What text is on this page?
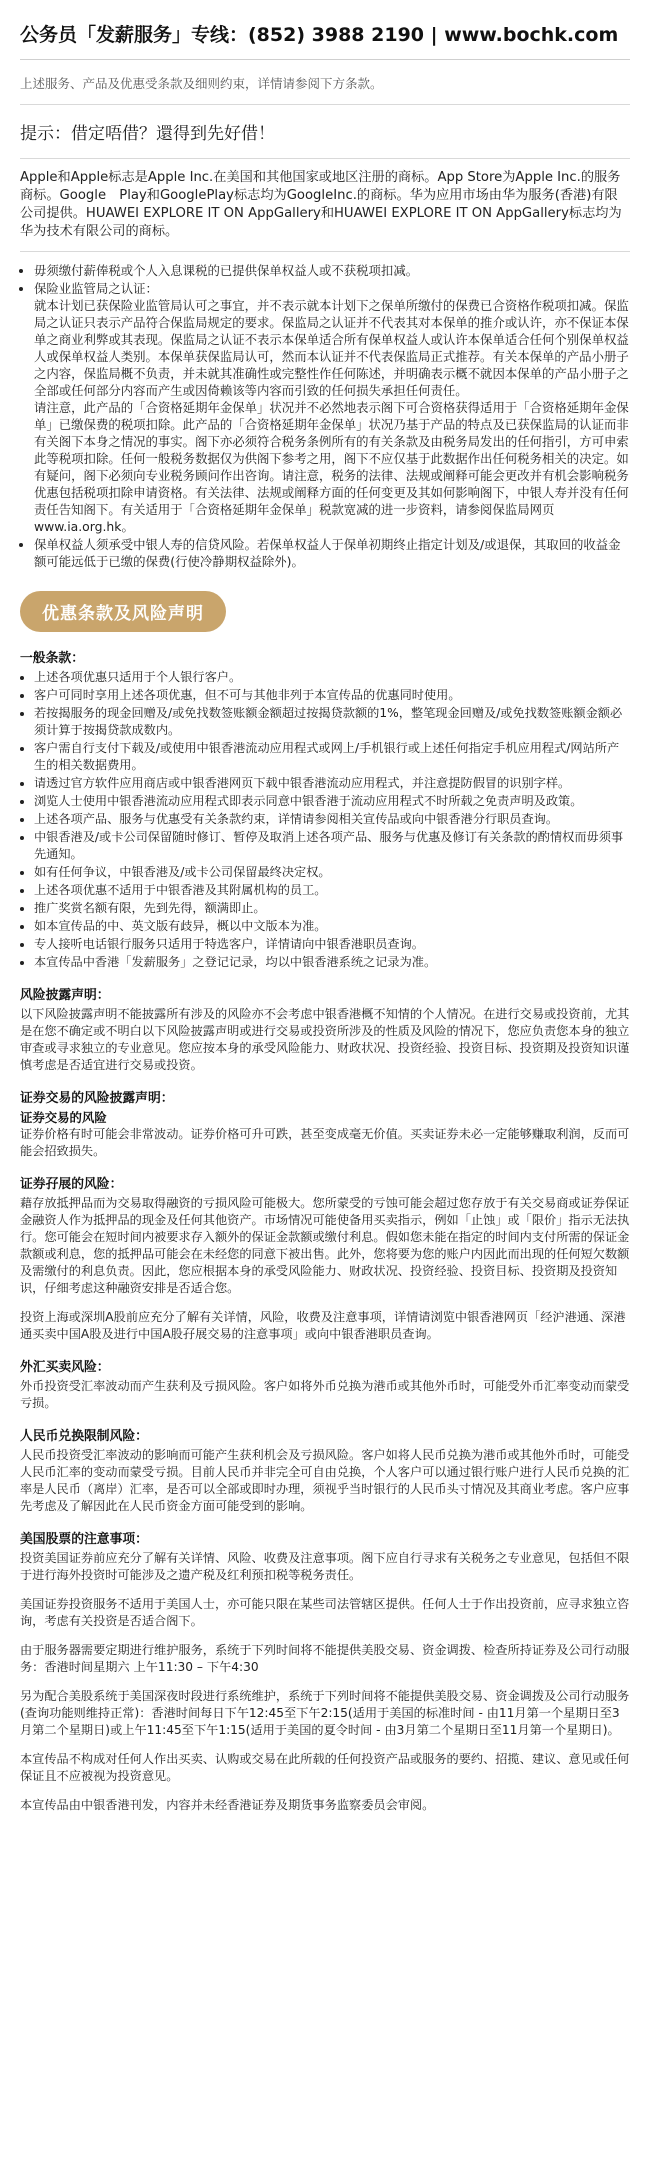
公务员「发薪服务」专线：(852) 3988 2190 | www.bochk.com
上述服务、产品及优惠受条款及细则约束，详情请参阅下方条款。
提示：借定唔借？還得到先好借！
Apple和Apple标志是Apple Inc.在美国和其他国家或地区注册的商标。App Store为Apple Inc.的服务商标。Google　Play和GooglePlay标志均为GoogleInc.的商标。华为应用市场由华为服务(香港)有限公司提供。HUAWEI EXPLORE IT ON AppGallery和HUAWEI EXPLORE IT ON AppGallery标志均为华为技术有限公司的商标。
• 毋须缴付薪俸税或个人入息课税的已提供保单权益人或不获税项扣减。
• 保险业监管局之认证：
就本计划已获保险业监管局认可之事宜，并不表示就本计划下之保单所缴付的保费已合资格作税项扣减。保监局之认证只表示产品符合保监局规定的要求。保监局之认证并不代表其对本保单的推介或认许，亦不保证本保单之商业利弊或其表现。保监局之认证不表示本保单适合所有保单权益人或认许本保单适合任何个别保单权益人或保单权益人类别。本保单获保监局认可，然而本认证并不代表保监局正式推荐。有关本保单的产品小册子之内容，保监局概不负责，并未就其准确性或完整性作任何陈述，并明确表示概不就因本保单的产品小册子之全部或任何部分内容而产生或因倚赖该等内容而引致的任何损失承担任何责任。
请注意，此产品的「合资格延期年金保单」状况并不必然地表示阁下可合资格获得适用于「合资格延期年金保单」已缴保费的税项扣除。此产品的「合资格延期年金保单」状况乃基于产品的特点及已获保监局的认证而非有关阁下本身之情况的事实。阁下亦必须符合税务条例所有的有关条款及由税务局发出的任何指引，方可申索此等税项扣除。任何一般税务数据仅为供阁下参考之用，阁下不应仅基于此数据作出任何税务相关的决定。如有疑问，阁下必须向专业税务顾问作出咨询。请注意，税务的法律、法规或阐释可能会更改并有机会影响税务优惠包括税项扣除申请资格。有关法律、法规或阐释方面的任何变更及其如何影响阁下，中银人寿并没有任何责任告知阁下。有关适用于「合资格延期年金保单」税款宽减的进一步资料，请参阅保监局网页www.ia.org.hk。
• 保单权益人须承受中银人寿的信贷风险。若保单权益人于保单初期终止指定计划及/或退保，其取回的收益金额可能远低于已缴的保费(行使冷静期权益除外)。
优惠条款及风险声明
一般条款：
• 上述各项优惠只适用于个人银行客户。
• 客户可同时享用上述各项优惠，但不可与其他非列于本宣传品的优惠同时使用。
• 若按揭服务的现金回赠及/或免找数签账额金额超过按揭贷款额的1%，整笔现金回赠及/或免找数签账额金额必须计算于按揭贷款成数内。
• 客户需自行支付下载及/或使用中银香港流动应用程式或网上/手机银行或上述任何指定手机应用程式/网站所产生的相关数据费用。
• 请透过官方软件应用商店或中银香港网页下载中银香港流动应用程式，并注意提防假冒的识别字样。
• 浏览人士使用中银香港流动应用程式即表示同意中银香港于流动应用程式不时所载之免责声明及政策。
• 上述各项产品、服务与优惠受有关条款约束，详情请参阅相关宣传品或向中银香港分行职员查询。
• 中银香港及/或卡公司保留随时修订、暂停及取消上述各项产品、服务与优惠及修订有关条款的酌情权而毋须事先通知。
• 如有任何争议，中银香港及/或卡公司保留最终决定权。
• 上述各项优惠不适用于中银香港及其附属机构的员工。
• 推广奖赏名额有限，先到先得，额满即止。
• 如本宣传品的中、英文版有歧异，概以中文版本为准。
• 专人接听电话银行服务只适用于特选客户，详情请向中银香港职员查询。
• 本宣传品中香港「发薪服务」之登记记录，均以中银香港系统之记录为准。
风险披露声明：

以下风险披露声明不能披露所有涉及的风险亦不会考虑中银香港概不知情的个人情况。在进行交易或投资前，尤其是在您不确定或不明白以下风险披露声明或进行交易或投资所涉及的性质及风险的情况下，您应负责您本身的独立审查或寻求独立的专业意见。您应按本身的承受风险能力、财政状况、投资经验、投资目标、投资期及投资知识谨慎考虑是否适宜进行交易或投资。

证券交易的风险披露声明：
证券交易的风险

证券价格有时可能会非常波动。证券价格可升可跌，甚至变成毫无价值。买卖证券未必一定能够赚取利润，反而可能会招致损失。

证券孖展的风险：

藉存放抵押品而为交易取得融资的亏损风险可能极大。您所蒙受的亏蚀可能会超过您存放于有关交易商或证券保证金融资人作为抵押品的现金及任何其他资产。市场情况可能使备用买卖指示，例如「止蚀」或「限价」指示无法执行。您可能会在短时间内被要求存入额外的保证金款额或缴付利息。假如您未能在指定的时间内支付所需的保证金款额或利息，您的抵押品可能会在未经您的同意下被出售。此外，您将要为您的账户内因此而出现的任何短欠数额及需缴付的利息负责。因此，您应根据本身的承受风险能力、财政状况、投资经验、投资目标、投资期及投资知识，仔细考虑这种融资安排是否适合您。

投资上海或深圳A股前应充分了解有关详情，风险，收费及注意事项，详情请浏览中银香港网页「经沪港通、深港通买卖中国A股及进行中国A股孖展交易的注意事项」或向中银香港职员查询。

外汇买卖风险：

外币投资受汇率波动而产生获利及亏损风险。客户如将外币兑换为港币或其他外币时，可能受外币汇率变动而蒙受亏损。

人民币兑换限制风险：

人民币投资受汇率波动的影响而可能产生获利机会及亏损风险。客户如将人民币兑换为港币或其他外币时，可能受人民币汇率的变动而蒙受亏损。目前人民币并非完全可自由兑换，个人客户可以通过银行账户进行人民币兑换的汇率是人民币（离岸）汇率，是否可以全部或即时办理，须视乎当时银行的人民币头寸情况及其商业考虑。客户应事先考虑及了解因此在人民币资金方面可能受到的影响。

美国股票的注意事项：

投资美国证券前应充分了解有关详情、风险、收费及注意事项。阁下应自行寻求有关税务之专业意见，包括但不限于进行海外投资时可能涉及之遗产税及红利预扣税等税务责任。

美国证券投资服务不适用于美国人士，亦可能只限在某些司法管辖区提供。任何人士于作出投资前，应寻求独立咨询，考虑有关投资是否适合阁下。

由于服务器需要定期进行维护服务，系统于下列时间将不能提供美股交易、资金调拨、检查所持证券及公司行动服务：香港时间星期六 上午11:30 – 下午4:30

另为配合美股系统于美国深夜时段进行系统维护，系统于下列时间将不能提供美股交易、资金调拨及公司行动服务(查询功能则维持正常)：香港时间每日下午12:45至下午2:15(适用于美国的标准时间 - 由11月第一个星期日至3月第二个星期日)或上午11:45至下午1:15(适用于美国的夏令时间 - 由3月第二个星期日至11月第一个星期日)。

本宣传品不构成对任何人作出买卖、认购或交易在此所载的任何投资产品或服务的要约、招揽、建议、意见或任何保证且不应被视为投资意见。

本宣传品由中银香港刊发，内容并未经香港证券及期货事务监察委员会审阅。
